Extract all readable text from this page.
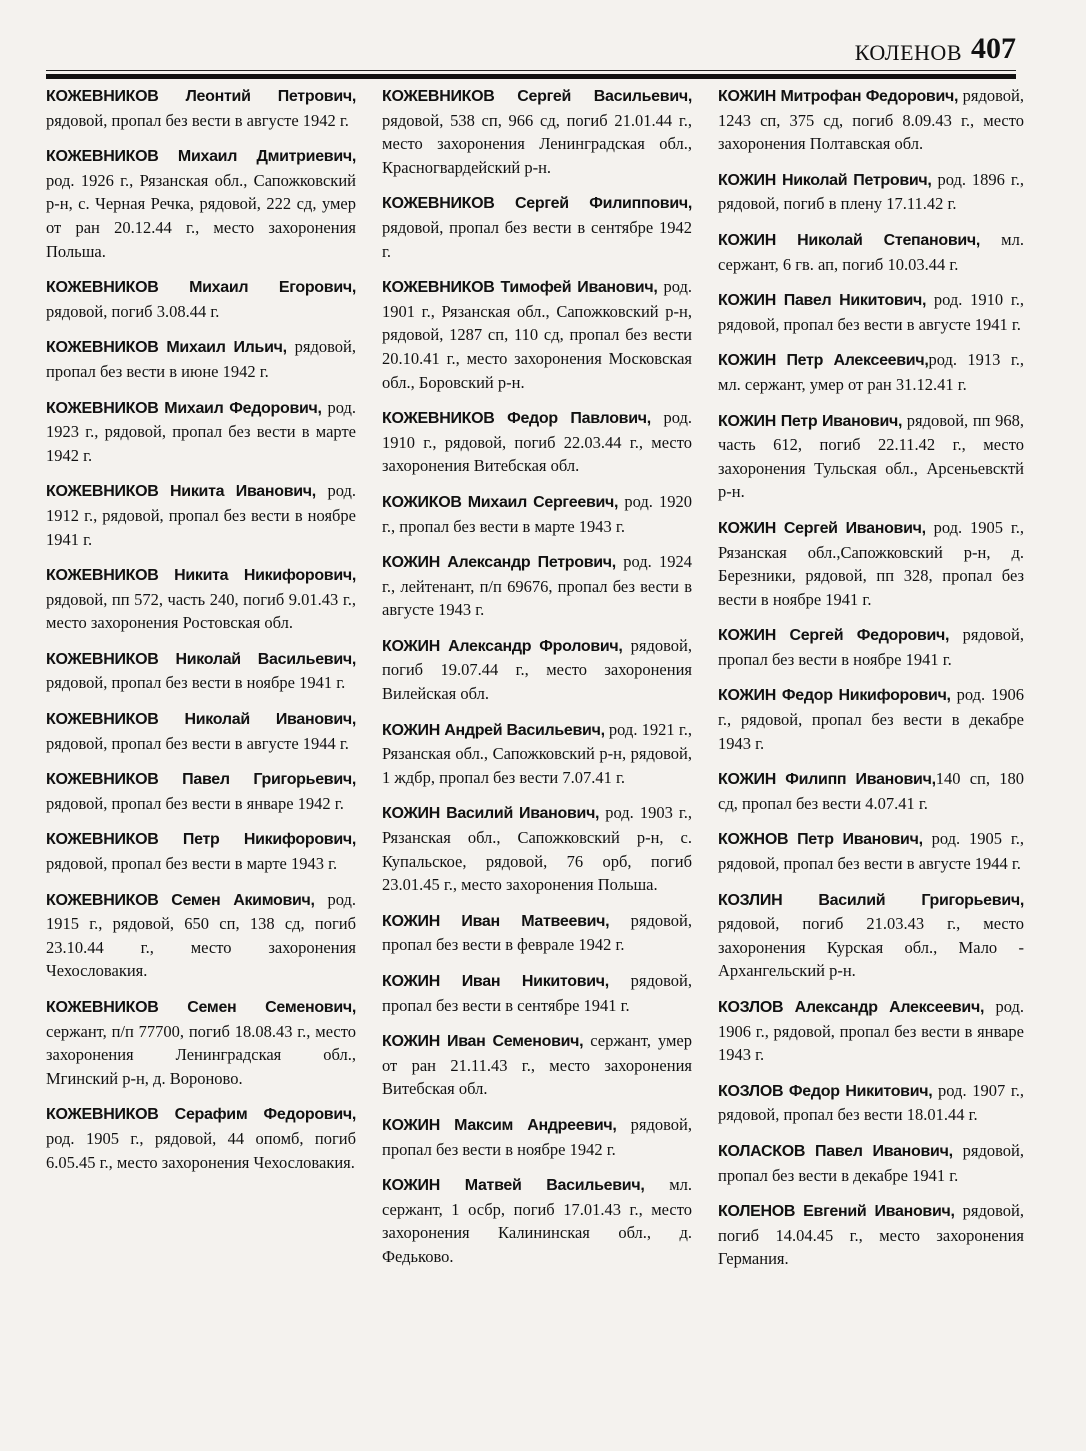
КОЛЕНОВ 407

КОЖЕВНИКОВ Леонтий Петрович, рядовой, пропал без вести в августе 1942 г.

КОЖЕВНИКОВ Михаил Дмитриевич, род. 1926 г., Рязанская обл., Сапожковский р-н, с. Черная Речка, рядовой, 222 сд, умер от ран 20.12.44 г., место захоронения Польша.

КОЖЕВНИКОВ Михаил Егорович, рядовой, погиб 3.08.44 г.

КОЖЕВНИКОВ Михаил Ильич, рядовой, пропал без вести в июне 1942 г.

КОЖЕВНИКОВ Михаил Федорович, род. 1923 г., рядовой, пропал без вести в марте 1942 г.

КОЖЕВНИКОВ Никита Иванович, род. 1912 г., рядовой, пропал без вести в ноябре 1941 г.

КОЖЕВНИКОВ Никита Никифорович, рядовой, пп 572, часть 240, погиб 9.01.43 г., место захоронения Ростовская обл.

КОЖЕВНИКОВ Николай Васильевич, рядовой, пропал без вести в ноябре 1941 г.

КОЖЕВНИКОВ Николай Иванович, рядовой, пропал без вести в августе 1944 г.

КОЖЕВНИКОВ Павел Григорьевич, рядовой, пропал без вести в январе 1942 г.

КОЖЕВНИКОВ Петр Никифорович, рядовой, пропал без вести в марте 1943 г.

КОЖЕВНИКОВ Семен Акимович, род. 1915 г., рядовой, 650 сп, 138 сд, погиб 23.10.44 г., место захоронения Чехословакия.

КОЖЕВНИКОВ Семен Семенович, сержант, п/п 77700, погиб 18.08.43 г., место захоронения Ленинградская обл., Мгинский р-н, д. Вороново.

КОЖЕВНИКОВ Серафим Федорович, род. 1905 г., рядовой, 44 опомб, погиб 6.05.45 г., место захоронения Чехословакия.

КОЖЕВНИКОВ Сергей Васильевич, рядовой, 538 сп, 966 сд, погиб 21.01.44 г., место захоронения Ленинградская обл., Красногвардейский р-н.

КОЖЕВНИКОВ Сергей Филиппович, рядовой, пропал без вести в сентябре 1942 г.

КОЖЕВНИКОВ Тимофей Иванович, род. 1901 г., Рязанская обл., Сапожковский р-н, рядовой, 1287 сп, 110 сд, пропал без вести 20.10.41 г., место захоронения Московская обл., Боровский р-н.

КОЖЕВНИКОВ Федор Павлович, род. 1910 г., рядовой, погиб 22.03.44 г., место захоронения Витебская обл.

КОЖИКОВ Михаил Сергеевич, род. 1920 г., пропал без вести в марте 1943 г.

КОЖИН Александр Петрович, род. 1924 г., лейтенант, п/п 69676, пропал без вести в августе 1943 г.

КОЖИН Александр Фролович, рядовой, погиб 19.07.44 г., место захоронения Вилейская обл.

КОЖИН Андрей Васильевич, род. 1921 г., Рязанская обл., Сапожковский р-н, рядовой, 1 ждбр, пропал без вести 7.07.41 г.

КОЖИН Василий Иванович, род. 1903 г., Рязанская обл., Сапожковский р-н, с. Купальское, рядовой, 76 орб, погиб 23.01.45 г., место захоронения Польша.

КОЖИН Иван Матвеевич, рядовой, пропал без вести в феврале 1942 г.

КОЖИН Иван Никитович, рядовой, пропал без вести в сентябре 1941 г.

КОЖИН Иван Семенович, сержант, умер от ран 21.11.43 г., место захоронения Витебская обл.

КОЖИН Максим Андреевич, рядовой, пропал без вести в ноябре 1942 г.

КОЖИН Матвей Васильевич, мл. сержант, 1 осбр, погиб 17.01.43 г., место захоронения Калининская обл., д. Федьково.

КОЖИН Митрофан Федорович, рядовой, 1243 сп, 375 сд, погиб 8.09.43 г., место захоронения Полтавская обл.

КОЖИН Николай Петрович, род. 1896 г., рядовой, погиб в плену 17.11.42 г.

КОЖИН Николай Степанович, мл. сержант, 6 гв. ап, погиб 10.03.44 г.

КОЖИН Павел Никитович, род. 1910 г., рядовой, пропал без вести в августе 1941 г.

КОЖИН Петр Алексеевич,род. 1913 г., мл. сержант, умер от ран 31.12.41 г.

КОЖИН Петр Иванович, рядовой, пп 968, часть 612, погиб 22.11.42 г., место захоронения Тульская обл., Арсеньевсктй р-н.

КОЖИН Сергей Иванович, род. 1905 г., Рязанская обл.,Сапожковский р-н, д. Березники, рядовой, пп 328, пропал без вести в ноябре 1941 г.

КОЖИН Сергей Федорович, рядовой, пропал без вести в ноябре 1941 г.

КОЖИН Федор Никифорович, род. 1906 г., рядовой, пропал без вести в декабре 1943 г.

КОЖИН Филипп Иванович,140 сп, 180 сд, пропал без вести 4.07.41 г.

КОЖНОВ Петр Иванович, род. 1905 г., рядовой, пропал без вести в августе 1944 г.

КОЗЛИН Василий Григорьевич, рядовой, погиб 21.03.43 г., место захоронения Курская обл., Мало - Архангельский р-н.

КОЗЛОВ Александр Алексеевич, род. 1906 г., рядовой, пропал без вести в январе 1943 г.

КОЗЛОВ Федор Никитович, род. 1907 г., рядовой, пропал без вести 18.01.44 г.

КОЛАСКОВ Павел Иванович, рядовой, пропал без вести в декабре 1941 г.

КОЛЕНОВ Евгений Иванович, рядовой, погиб 14.04.45 г., место захоронения Германия.
